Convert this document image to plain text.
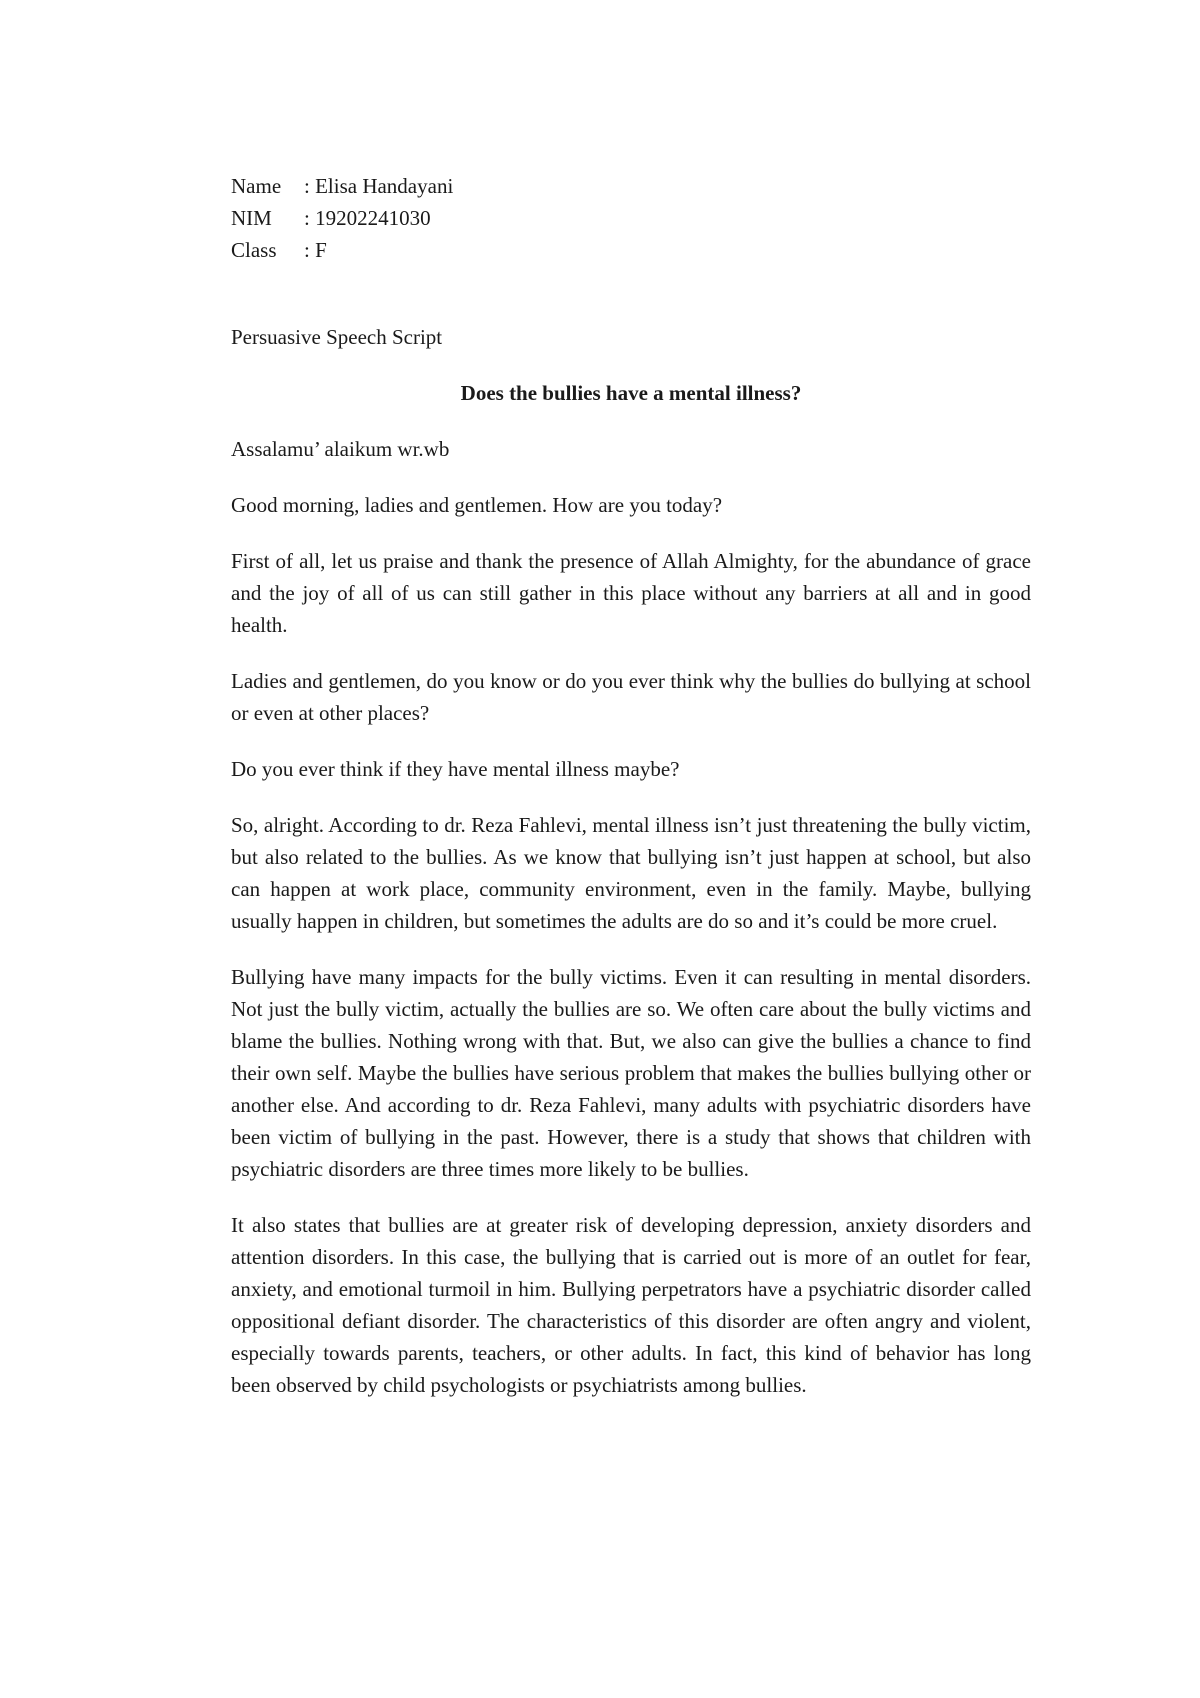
Name	: Elisa Handayani
NIM	: 19202241030
Class	: F
Persuasive Speech Script
Does the bullies have a mental illness?

Assalamu’ alaikum wr.wb

Good morning, ladies and gentlemen. How are you today?

First of all, let us praise and thank the presence of Allah Almighty, for the abundance of grace and the joy of all of us can still gather in this place without any barriers at all and in good health.

Ladies and gentlemen, do you know or do you ever think why the bullies do bullying at school or even at other places?

Do you ever think if they have mental illness maybe?

So, alright. According to dr. Reza Fahlevi, mental illness isn’t just threatening the bully victim, but also related to the bullies. As we know that bullying isn’t just happen at school, but also can happen at work place, community environment, even in the family. Maybe, bullying usually happen in children, but sometimes the adults are do so and it’s could be more cruel.

Bullying have many impacts for the bully victims. Even it can resulting in mental disorders. Not just the bully victim, actually the bullies are so. We often care about the bully victims and blame the bullies. Nothing wrong with that. But, we also can give the bullies a chance to find their own self. Maybe the bullies have serious problem that makes the bullies bullying other or another else. And according to dr. Reza Fahlevi, many adults with psychiatric disorders have been victim of bullying in the past. However, there is a study that shows that children with psychiatric disorders are three times more likely to be bullies.

It also states that bullies are at greater risk of developing depression, anxiety disorders and attention disorders. In this case, the bullying that is carried out is more of an outlet for fear, anxiety, and emotional turmoil in him. Bullying perpetrators have a psychiatric disorder called oppositional defiant disorder. The characteristics of this disorder are often angry and violent, especially towards parents, teachers, or other adults. In fact, this kind of behavior has long been observed by child psychologists or psychiatrists among bullies.
